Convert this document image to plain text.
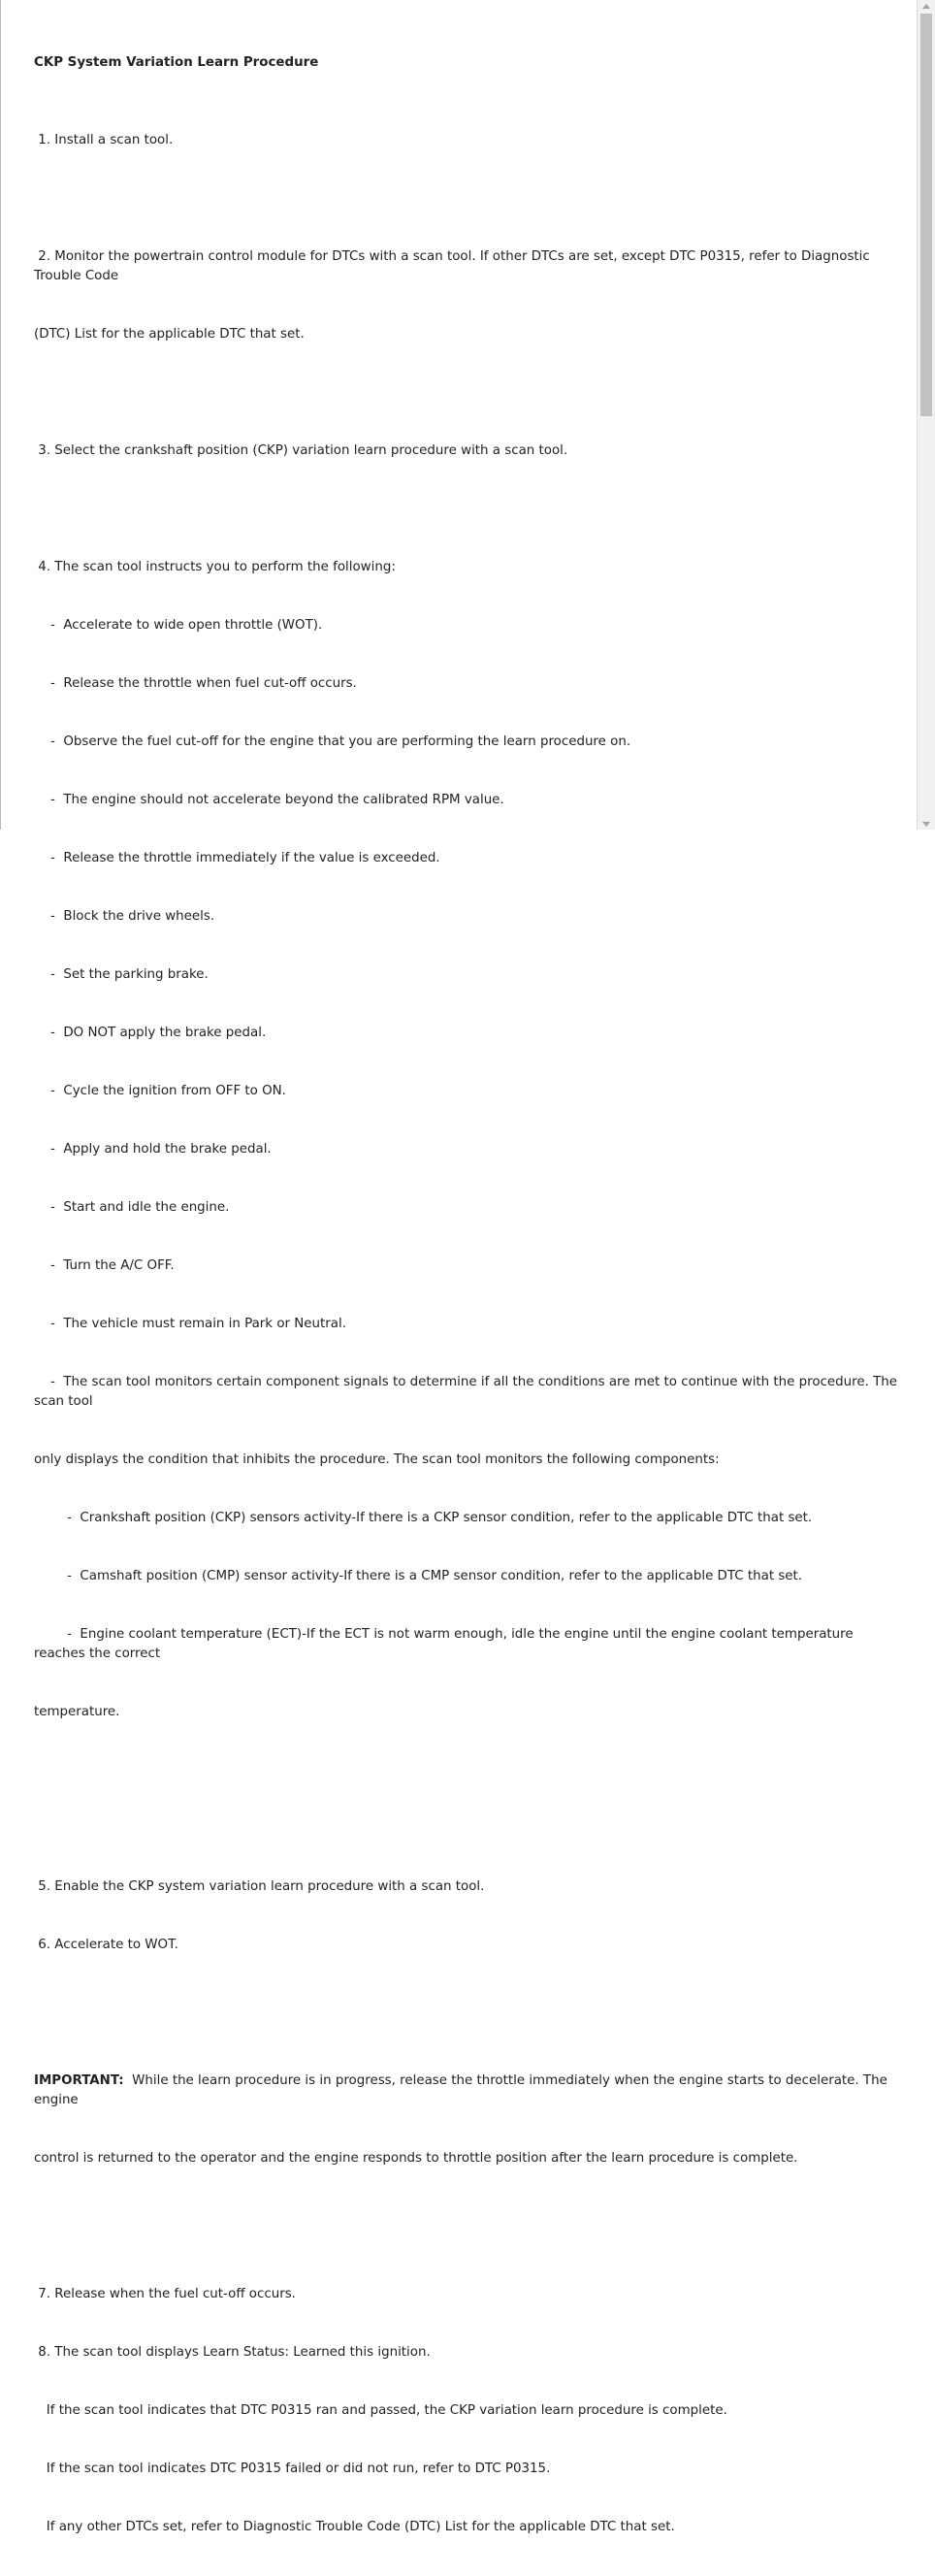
CKP System Variation Learn Procedure

1. Install a scan tool.

2. Monitor the powertrain control module for DTCs with a scan tool. If other DTCs are set, except DTC P0315, refer to Diagnostic Trouble Code

(DTC) List for the applicable DTC that set.

3. Select the crankshaft position (CKP) variation learn procedure with a scan tool.

4. The scan tool instructs you to perform the following:

-  Accelerate to wide open throttle (WOT).

-  Release the throttle when fuel cut-off occurs.

-  Observe the fuel cut-off for the engine that you are performing the learn procedure on.

-  The engine should not accelerate beyond the calibrated RPM value.

-  Release the throttle immediately if the value is exceeded.

-  Block the drive wheels.

-  Set the parking brake.

-  DO NOT apply the brake pedal.

-  Cycle the ignition from OFF to ON.

-  Apply and hold the brake pedal.

-  Start and idle the engine.

-  Turn the A/C OFF.

-  The vehicle must remain in Park or Neutral.

-  The scan tool monitors certain component signals to determine if all the conditions are met to continue with the procedure. The scan tool

only displays the condition that inhibits the procedure. The scan tool monitors the following components:

-  Crankshaft position (CKP) sensors activity-If there is a CKP sensor condition, refer to the applicable DTC that set.

-  Camshaft position (CMP) sensor activity-If there is a CMP sensor condition, refer to the applicable DTC that set.

-  Engine coolant temperature (ECT)-If the ECT is not warm enough, idle the engine until the engine coolant temperature reaches the correct

temperature.

5. Enable the CKP system variation learn procedure with a scan tool.

6. Accelerate to WOT.

IMPORTANT:  While the learn procedure is in progress, release the throttle immediately when the engine starts to decelerate. The engine

control is returned to the operator and the engine responds to throttle position after the learn procedure is complete.

7. Release when the fuel cut-off occurs.

8. The scan tool displays Learn Status: Learned this ignition.

If the scan tool indicates that DTC P0315 ran and passed, the CKP variation learn procedure is complete.

If the scan tool indicates DTC P0315 failed or did not run, refer to DTC P0315.

If any other DTCs set, refer to Diagnostic Trouble Code (DTC) List for the applicable DTC that set.
